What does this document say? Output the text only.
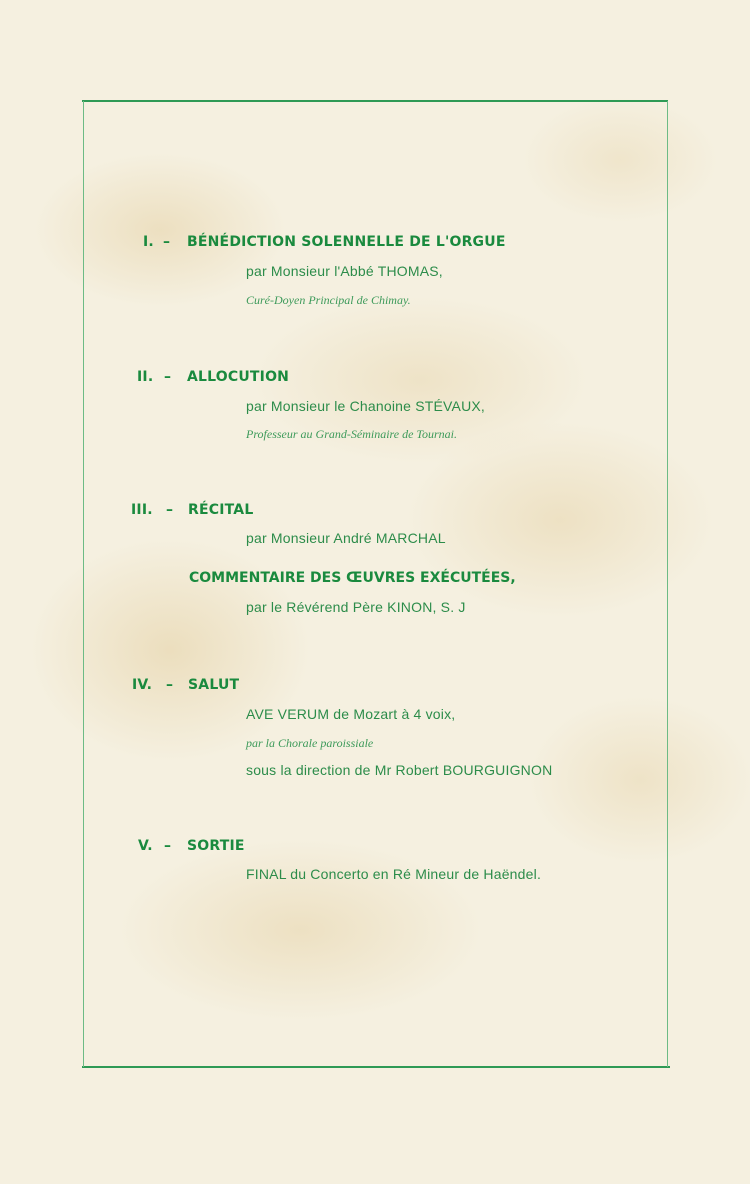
I. – BÉNÉDICTION SOLENNELLE DE L'ORGUE
par Monsieur l'Abbé THOMAS,
Curé-Doyen Principal de Chimay.
II. – ALLOCUTION
par Monsieur le Chanoine STÉVAUX,
Professeur au Grand-Séminaire de Tournai.
III. – RÉCITAL
par Monsieur André MARCHAL
COMMENTAIRE DES ŒUVRES EXÉCUTÉES,
par le Révérend Père KINON, S. J
IV. – SALUT
AVE VERUM de Mozart à 4 voix,
par la Chorale paroissiale
sous la direction de Mr Robert BOURGUIGNON
V. – SORTIE
FINAL du Concerto en Ré Mineur de Haëndel.
